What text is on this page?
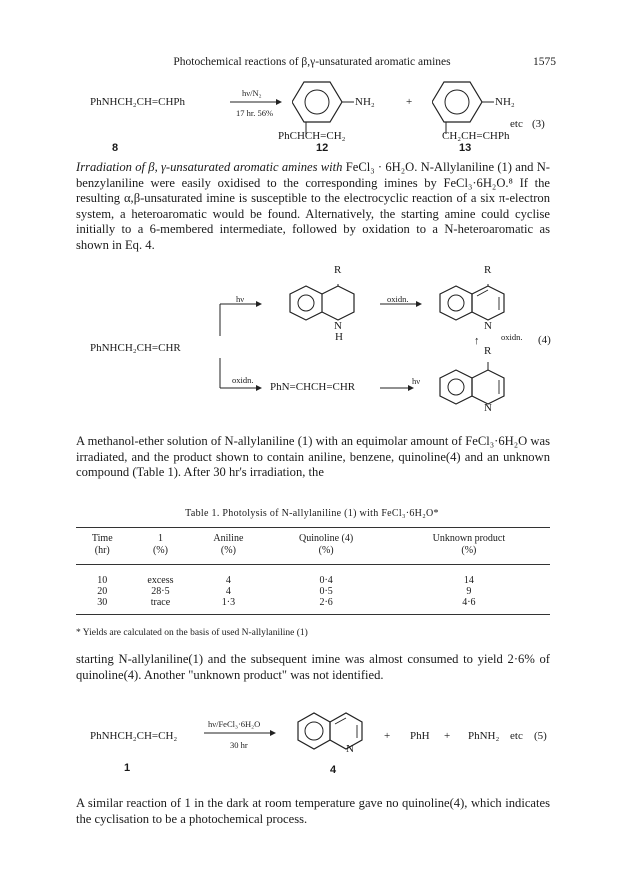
Photochemical reactions of β,γ-unsaturated aromatic amines	1575
PhNHCH₂CH=CHPh
8
hν/N₂
17 hr. 56%
NH₂
PhCHCH=CH₂
12
+	NH₂
CH₂CH=CHPh
13
etc (3)

Irradiation of β, γ-unsaturated aromatic amines with FeCl₃ · 6H₂O. N-Allylaniline (1) and N-benzylaniline were easily oxidised to the corresponding imines by FeCl₃·6H₂O.⁸ If the resulting α,β-unsaturated imine is susceptible to the electrocyclic reaction of a six π-electron system, a heteroaromatic would be found. Alternatively, the starting amine could cyclise initially to a 6-membered intermediate, followed by oxidation to a N-heteroaromatic as shown in Eq. 4.

PhNHCH₂CH=CHR
hν
oxidn.
PhN=CHCH=CHR
oxidn.
hν
R
N
H
R
N
oxidn.
↑
R
N
(4)

A methanol-ether solution of N-allylaniline (1) with an equimolar amount of FeCl₃·6H₂O was irradiated, and the product shown to contain aniline, benzene, quinoline(4) and an unknown compound (Table 1). After 30 hr's irradiation, the

Table 1. Photolysis of N-allylaniline (1) with FeCl₃·6H₂O*
Time	1	Aniline	Quinoline (4)	Unknown product
(hr)	(%)	(%)	(%)	(%)
10	excess	4	0·4	14
20	28·5	4	0·5	9
30	trace	1·3	2·6	4·6
* Yields are calculated on the basis of used N-allylaniline (1)

starting N-allylaniline(1) and the subsequent imine was almost consumed to yield 2·6% of quinoline(4). Another "unknown product" was not identified.

PhNHCH₂CH=CH₂
1
hν/FeCl₃·6H₂O
30 hr	N
4
+ PhH + PhNH₂ etc (5)

A similar reaction of 1 in the dark at room temperature gave no quinoline(4), which indicates the cyclisation to be a photochemical process.
